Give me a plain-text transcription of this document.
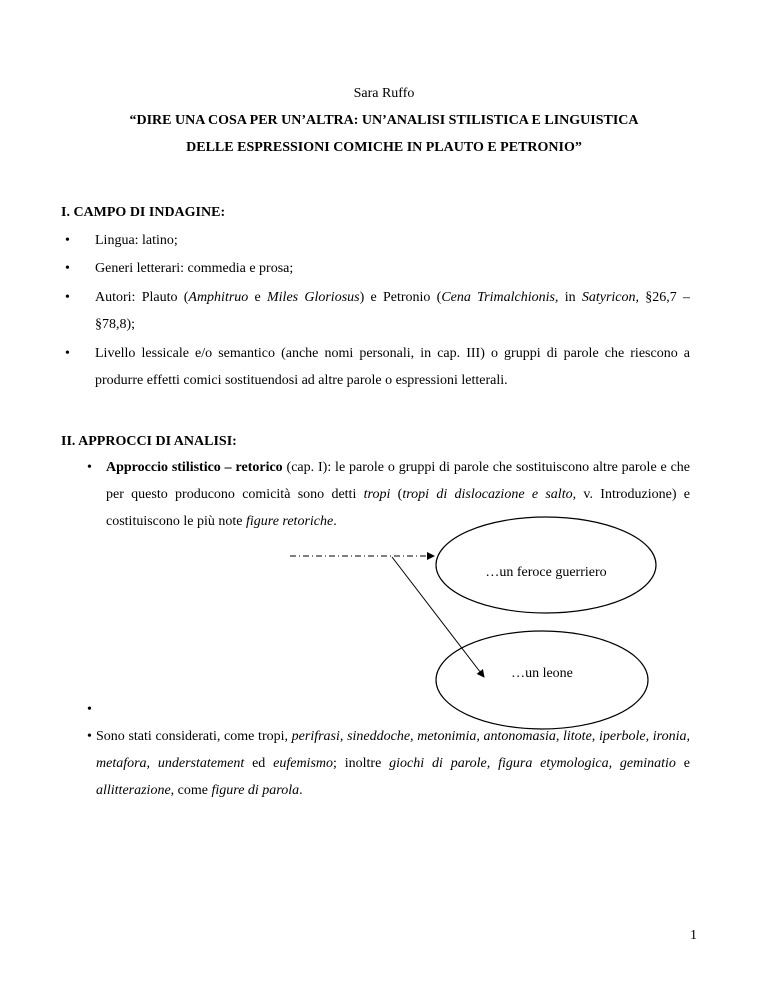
Sara Ruffo
“DIRE UNA COSA PER UN’ALTRA: UN’ANALISI STILISTICA E LINGUISTICA
DELLE ESPRESSIONI COMICHE IN PLAUTO E PETRONIO”
I. CAMPO DI INDAGINE:
• Lingua: latino;
• Generi letterari: commedia e prosa;
• Autori: Plauto (Amphitruo e Miles Gloriosus) e Petronio (Cena Trimalchionis, in Satyricon, §26,7 – §78,8);
• Livello lessicale e/o semantico (anche nomi personali, in cap. III) o gruppi di parole che riescono a produrre effetti comici sostituendosi ad altre parole o espressioni letterali.
II. APPROCCI DI ANALISI:
• Approccio stilistico – retorico (cap. I): le parole o gruppi di parole che sostituiscono altre parole e che per questo producono comicità sono detti tropi (tropi di dislocazione e salto, v. Introduzione) e costituiscono le più note figure retoriche.
…un feroce guerriero
…un leone
•
• Sono stati considerati, come tropi, perifrasi, sineddoche, metonimia, antonomasia, litote, iperbole, ironia, metafora, understatement ed eufemismo; inoltre giochi di parole, figura etymologica, geminatio e allitterazione, come figure di parola.
1
